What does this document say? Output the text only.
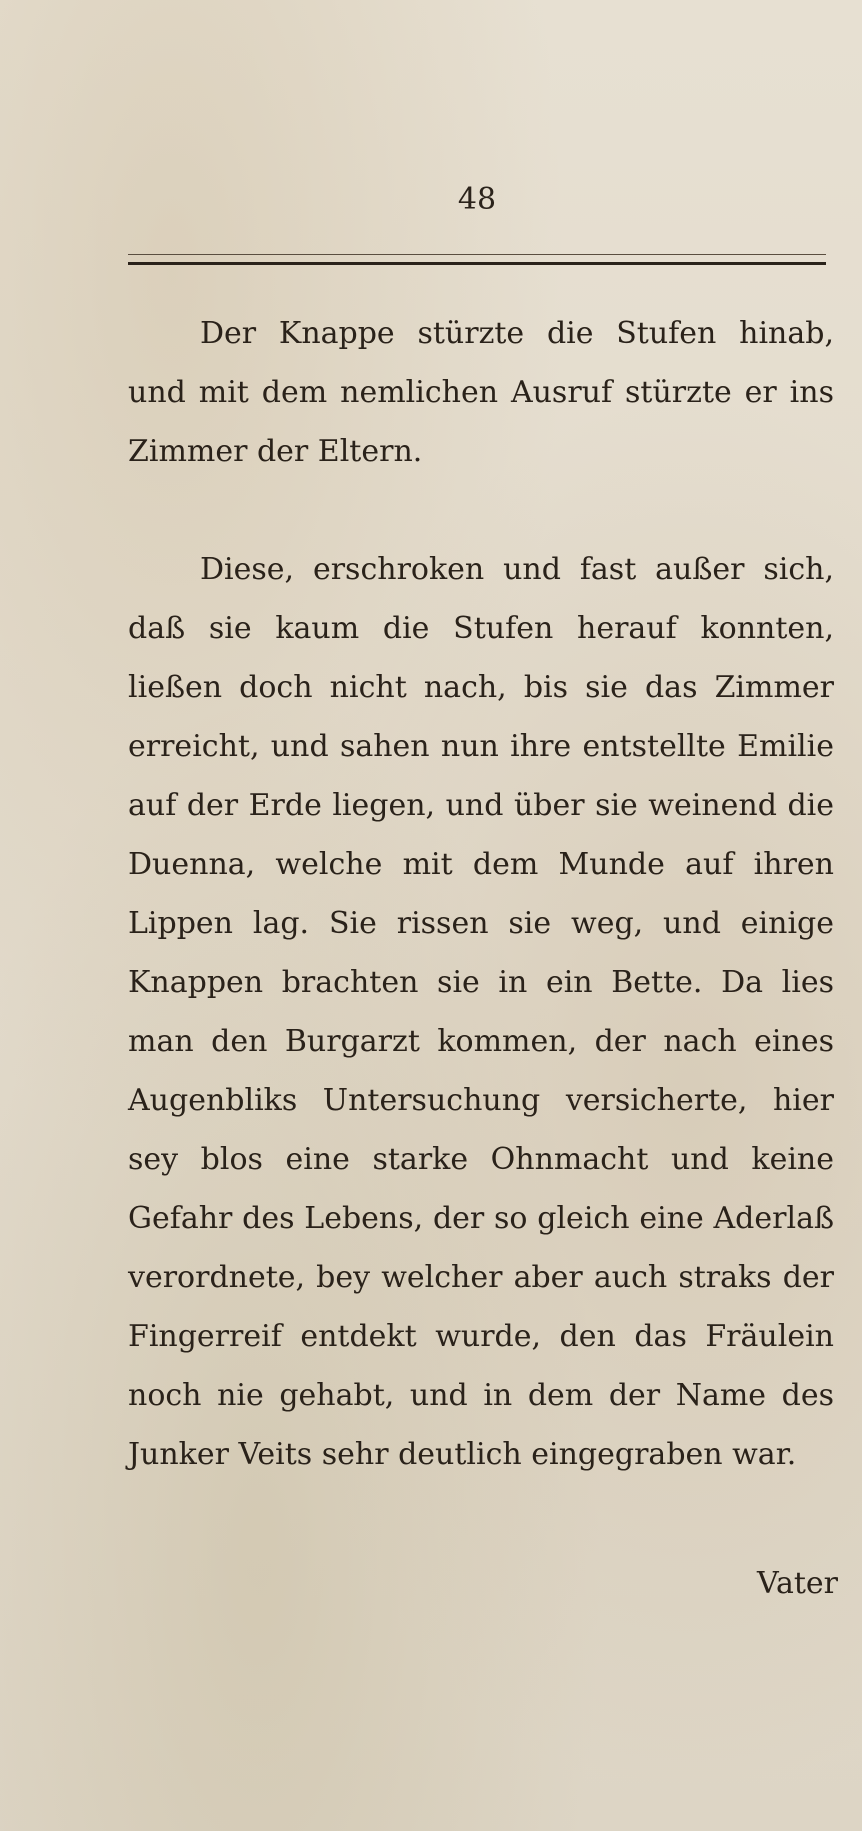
48

Der Knappe stürzte die Stufen hinab, und mit dem nemlichen Ausruf stürzte er ins Zimmer der Eltern.

Diese, erschroken und fast außer sich, daß sie kaum die Stufen herauf konnten, ließen doch nicht nach, bis sie das Zimmer erreicht, und sahen nun ihre entstellte Emilie auf der Erde liegen, und über sie weinend die Duenna, welche mit dem Munde auf ihren Lippen lag. Sie rissen sie weg, und einige Knappen brachten sie in ein Bette. Da lies man den Burgarzt kommen, der nach eines Augenbliks Untersuchung versicherte, hier sey blos eine starke Ohnmacht und keine Gefahr des Lebens, der so gleich eine Aderlaß verordnete, bey welcher aber auch straks der Fingerreif entdekt wurde, den das Fräulein noch nie gehabt, und in dem der Name des Junker Veits sehr deutlich eingegraben war.

Vater
